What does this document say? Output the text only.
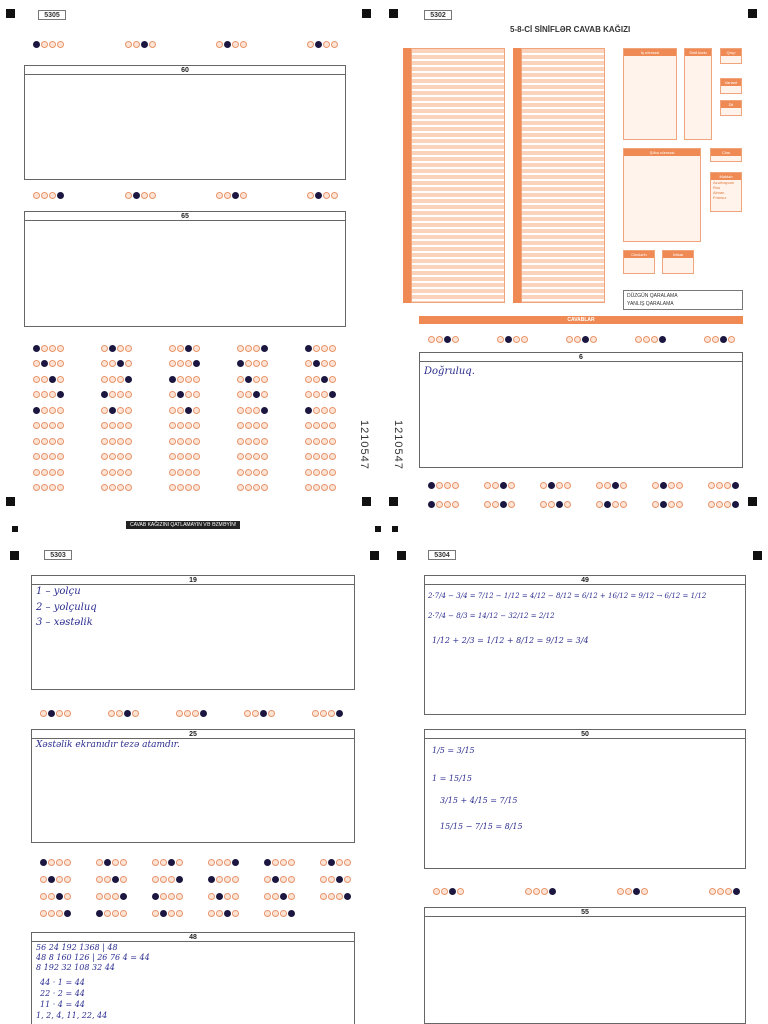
5305	5302
5303	5304
60
65
1210547 1210547
CAVAB KAĞIZINI QATLAMAYIN VƏ ƏZMƏYİN!
5-8-Cİ SİNİFLƏR CAVAB KAĞIZI
İş nömrəsi	Sinif kodu	Qrup
Variant
Dil
Şöbə nömrəsi	Cins
Məktəb
Azərbaycan
Rus
Alman
Fransız
Cinslərin	İxtisar
DÜZGÜN QARALAMA
YANLIŞ QARALAMA
CAVABLAR
6
Doğruluq.
19
1 – yolçu
2 – yolçuluq
3 – xəstəlik
25
Xəstəlik ekranıdır tezə atamdır.
48
56 24 192 1368 | 48
48 8 160 126 | 26 76 4 = 44
8 192 32 108 32 44
44 · 1 = 44
22 · 2 = 44
11 · 4 = 44
1, 2, 4, 11, 22, 44
49
2·7/4 − 3/4 = 7/12 − 1/12 = 4/12 − 8/12 = 6/12 + 16/12 = 9/12 → 6/12 = 1/12
2·7/4 − 8/3 = 14/12 − 32/12 = 2/12
1/12 + 2/3 = 1/12 + 8/12 = 9/12 = 3/4
50
1/5 = 3/15
1 = 15/15
3/15 + 4/15 = 7/15
15/15 − 7/15 = 8/15
55
